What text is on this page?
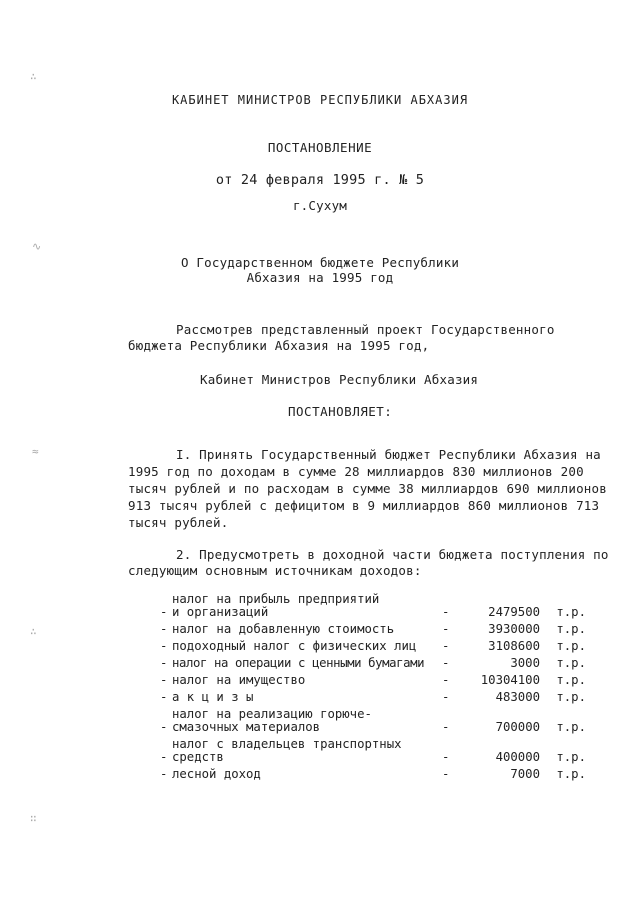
∴
∿
≈
∴
∷
КАБИНЕТ МИНИСТРОВ РЕСПУБЛИКИ АБХАЗИЯ
ПОСТАНОВЛЕНИЕ
от 24 февраля 1995 г. № 5
г.Сухум
О Государственном бюджете Республики
Абхазия на 1995 год
Рассмотрев представленный проект Государственного бюджета Республики Абхазия на 1995 год,
Кабинет Министров Республики Абхазия
ПОСТАНОВЛЯЕТ:
I. Принять Государственный бюджет Республики Абхазия на 1995 год по доходам в сумме 28 миллиардов 830 миллионов 200 тысяч рублей и по расходам в сумме 38 миллиардов 690 миллионов 913 тысяч рублей с дефицитом в 9 миллиардов 860 миллионов 713 тысяч рублей.
2. Предусмотреть в доходной части бюджета поступления по следующим основным источникам доходов:
-
налог на прибыль предприятий
и организаций	-	2479500	т.р.
- налог на добавленную стоимость	-	3930000	т.р.
- подоходный налог с физических лиц	-	3108600	т.р.
- налог на операции с ценными бумагами	-	3000	т.р.
- налог на имущество	-	10304100	т.р.
- а к ц и з ы	-	483000	т.р.
-
налог на реализацию горюче-
смазочных материалов	-	700000	т.р.
-
налог с владельцев транспортных
средств	-	400000	т.р.
- лесной доход	-	7000	т.р.
